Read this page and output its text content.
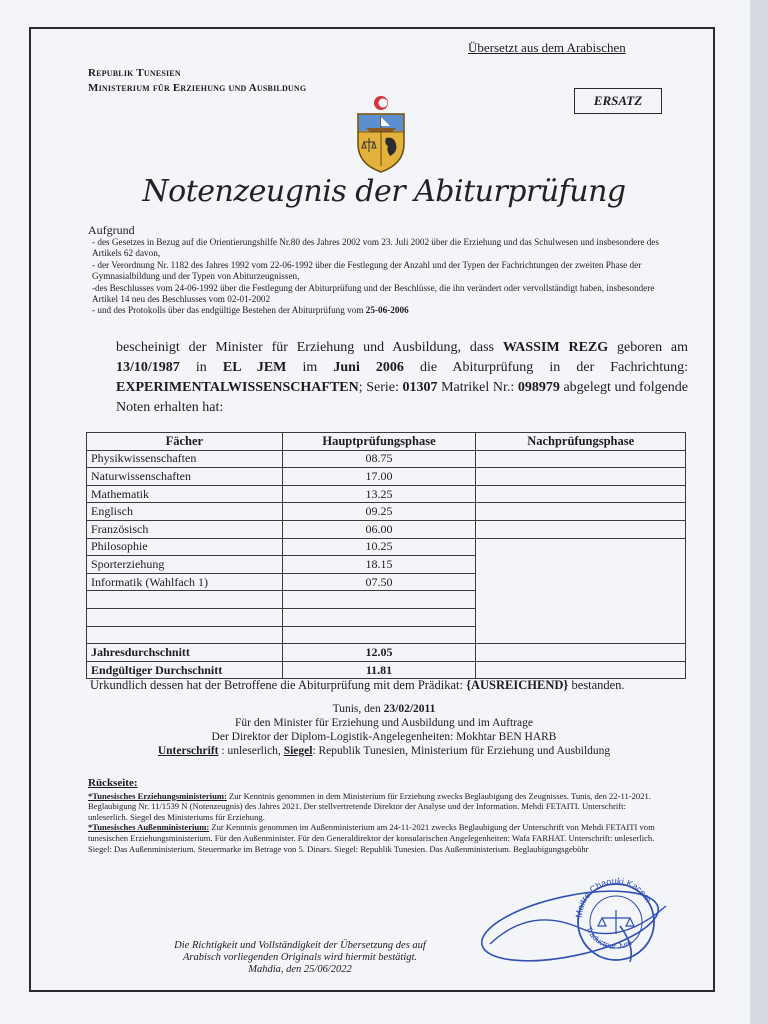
Übersetzt aus dem Arabischen
Republik Tunesien
Ministerium für Erziehung und Ausbildung
ERSATZ
Notenzeugnis der Abiturprüfung
Aufgrund
- des Gesetzes in Bezug auf die Orientierungshilfe Nr.80 des Jahres 2002 vom 23. Juli 2002 über die Erziehung und das Schulwesen und insbesondere des Artikels 62 davon,
- der Verordnung Nr. 1182 des Jahres 1992 vom 22-06-1992 über die Festlegung der Anzahl und der Typen der Fachrichtungen der zweiten Phase der Gymnasialbildung und der Typen von Abiturzeugnissen,
-des Beschlusses vom 24-06-1992 über die Festlegung der Abiturprüfung und der Beschlüsse, die ihn verändert oder vervollständigt haben, insbesondere Artikel 14 neu des Beschlusses vom 02-01-2002
- und des Protokolls über das endgültige Bestehen der Abiturprüfung vom 25-06-2006
bescheinigt der Minister für Erziehung und Ausbildung, dass WASSIM REZG geboren am 13/10/1987 in EL JEM im Juni 2006 die Abiturprüfung in der Fachrichtung: EXPERIMENTALWISSENSCHAFTEN; Serie: 01307 Matrikel Nr.: 098979 abgelegt und folgende Noten erhalten hat:
Fächer	Hauptprüfungsphase	Nachprüfungsphase
Physikwissenschaften	08.75	
Naturwissenschaften	17.00	
Mathematik	13.25	
Englisch	09.25	
Französisch	06.00	
Philosophie	10.25	
Sporterziehung	18.15	
Informatik (Wahlfach 1)	07.50	

Jahresdurchschnitt	12.05	
Endgültiger Durchschnitt	11.81	
Urkundlich dessen hat der Betroffene die Abiturprüfung mit dem Prädikat: {AUSREICHEND} bestanden.
Tunis, den 23/02/2011
Für den Minister für Erziehung und Ausbildung und im Auftrage
Der Direktor der Diplom-Logistik-Angelegenheiten: Mokhtar BEN HARB
Unterschrift : unleserlich, Siegel: Republik Tunesien, Ministerium für Erziehung und Ausbildung
Rückseite:
*Tunesisches Erziehungsministerium: Zur Kenntnis genommen in dem Ministerium für Erziehung zwecks Beglaubigung des Zeugnisses. Tunis, den 22-11-2021. Beglaubigung Nr. 11/1539 N (Notenzeugnis) des Jahres 2021. Der stellvertretende Direktor der Analyse und der Information. Mehdi FETAITI. Unterschrift: unleserlich. Siegel des Ministeriums für Erziehung.
*Tunesisches Außenministerium: Zur Kenntnis genommen im Außenministerium am 24-11-2021 zwecks Beglaubigung der Unterschrift von Mehdi FETAITI vom tunesischen Erziehungsministerium. Für den Außenminister. Für den Generaldirektor der konsularischen Angelegenheiten: Wafa FARHAT. Unterschrift: unleserlich. Siegel: Das Außenministerium. Steuermarke im Betrage von 5. Dinars. Siegel: Republik Tunesien. Das Außenministerium. Beglaubigungsgebühr
Maitre Chaouki Kacem
Traducteur Juré
Die Richtigkeit und Vollständigkeit der Übersetzung des auf
Arabisch vorliegenden Originals wird hiermit bestätigt.
Mahdia, den 25/06/2022
